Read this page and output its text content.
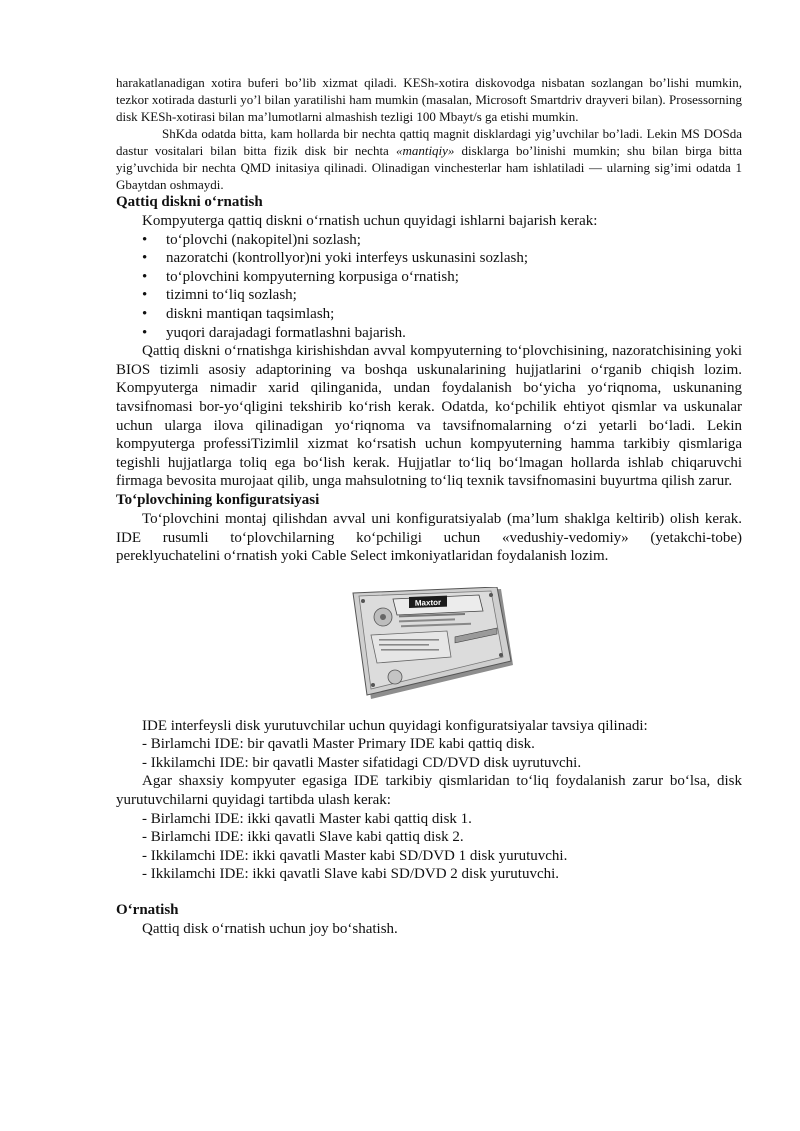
harakatlanadigan xotira buferi bo’lib xizmat qiladi. KESh-xotira diskovodga nisbatan sozlangan bo’lishi mumkin, tezkor xotirada dasturli yo’l bilan yaratilishi ham mumkin (masalan, Microsoft Smartdriv drayveri bilan). Prosessorning disk KESh-xotirasi bilan ma’lumotlarni almashish tezligi 100 Mbayt/s ga etishi mumkin.

ShKda odatda bitta, kam hollarda bir nechta qattiq magnit disklardagi yig’uvchilar bo’ladi. Lekin MS DOSda dastur vositalari bilan bitta fizik disk bir nechta «mantiqiy» disklarga bo’linishi mumkin; shu bilan birga bitta yig’uvchida bir nechta QMD initasiya qilinadi. Olinadigan vinchesterlar ham ishlatiladi — ularning sig’imi odatda 1 Gbaytdan oshmaydi.

Qattiq diskni o‘rnatish

Kompyuterga qattiq diskni o‘rnatish uchun quyidagi ishlarni bajarish kerak:

• to‘plovchi (nakopitel)ni sozlash;
• nazoratchi (kontrollyor)ni yoki interfeys uskunasini sozlash;
• to‘plovchini kompyuterning korpusiga o‘rnatish;
• tizimni to‘liq sozlash;
• diskni mantiqan taqsimlash;
• yuqori darajadagi formatlashni bajarish.

Qattiq diskni o‘rnatishga kirishishdan avval kompyuterning to‘plovchisining, nazoratchisining yoki BIOS tizimli asosiy adaptorining va boshqa uskunalarining hujjatlarini o‘rganib chiqish lozim. Kompyuterga nimadir xarid qilinganida, undan foydalanish bo‘yicha yo‘riqnoma, uskunaning tavsifnomasi bor-yo‘qligini tekshirib ko‘rish kerak. Odatda, ko‘pchilik ehtiyot qismlar va uskunalar uchun ularga ilova qilinadigan yo‘riqnoma va tavsifnomalarning o‘zi yetarli bo‘ladi. Lekin kompyuterga professiTizimlil xizmat ko‘rsatish uchun kompyuterning hamma tarkibiy qismlariga tegishli hujjatlarga toliq ega bo‘lish kerak. Hujjatlar to‘liq bo‘lmagan hollarda ishlab chiqaruvchi firmaga bevosita murojaat qilib, unga mahsulotning to‘liq texnik tavsifnomasini buyurtma qilish zarur.

To‘plovchining konfiguratsiyasi

To‘plovchini montaj qilishdan avval uni konfiguratsiyalab (ma’lum shaklga keltirib) olish kerak. IDE rusumli to‘plovchilarning ko‘pchiligi uchun «vedushiy-vedomiy» (yetakchi-tobe) pereklyuchatelini o‘rnatish yoki Cable Select imkoniyatlaridan foydalanish lozim.

Maxtor

IDE interfeysli disk yurutuvchilar uchun quyidagi konfiguratsiyalar tavsiya qilinadi:

- Birlamchi IDE: bir qavatli Master Primary IDE kabi qattiq disk.

- Ikkilamchi IDE: bir qavatli Master sifatidagi CD/DVD disk uyrutuvchi.

Agar shaxsiy kompyuter egasiga IDE tarkibiy qismlaridan to‘liq foydalanish zarur bo‘lsa, disk yurutuvchilarni quyidagi tartibda ulash kerak:

- Birlamchi IDE: ikki qavatli Master kabi qattiq disk 1.

- Birlamchi IDE: ikki qavatli Slave kabi qattiq disk 2.

- Ikkilamchi IDE: ikki qavatli Master kabi SD/DVD 1 disk yurutuvchi.

- Ikkilamchi IDE: ikki qavatli Slave kabi SD/DVD 2 disk yurutuvchi.

O‘rnatish

Qattiq disk o‘rnatish uchun joy bo‘shatish.
